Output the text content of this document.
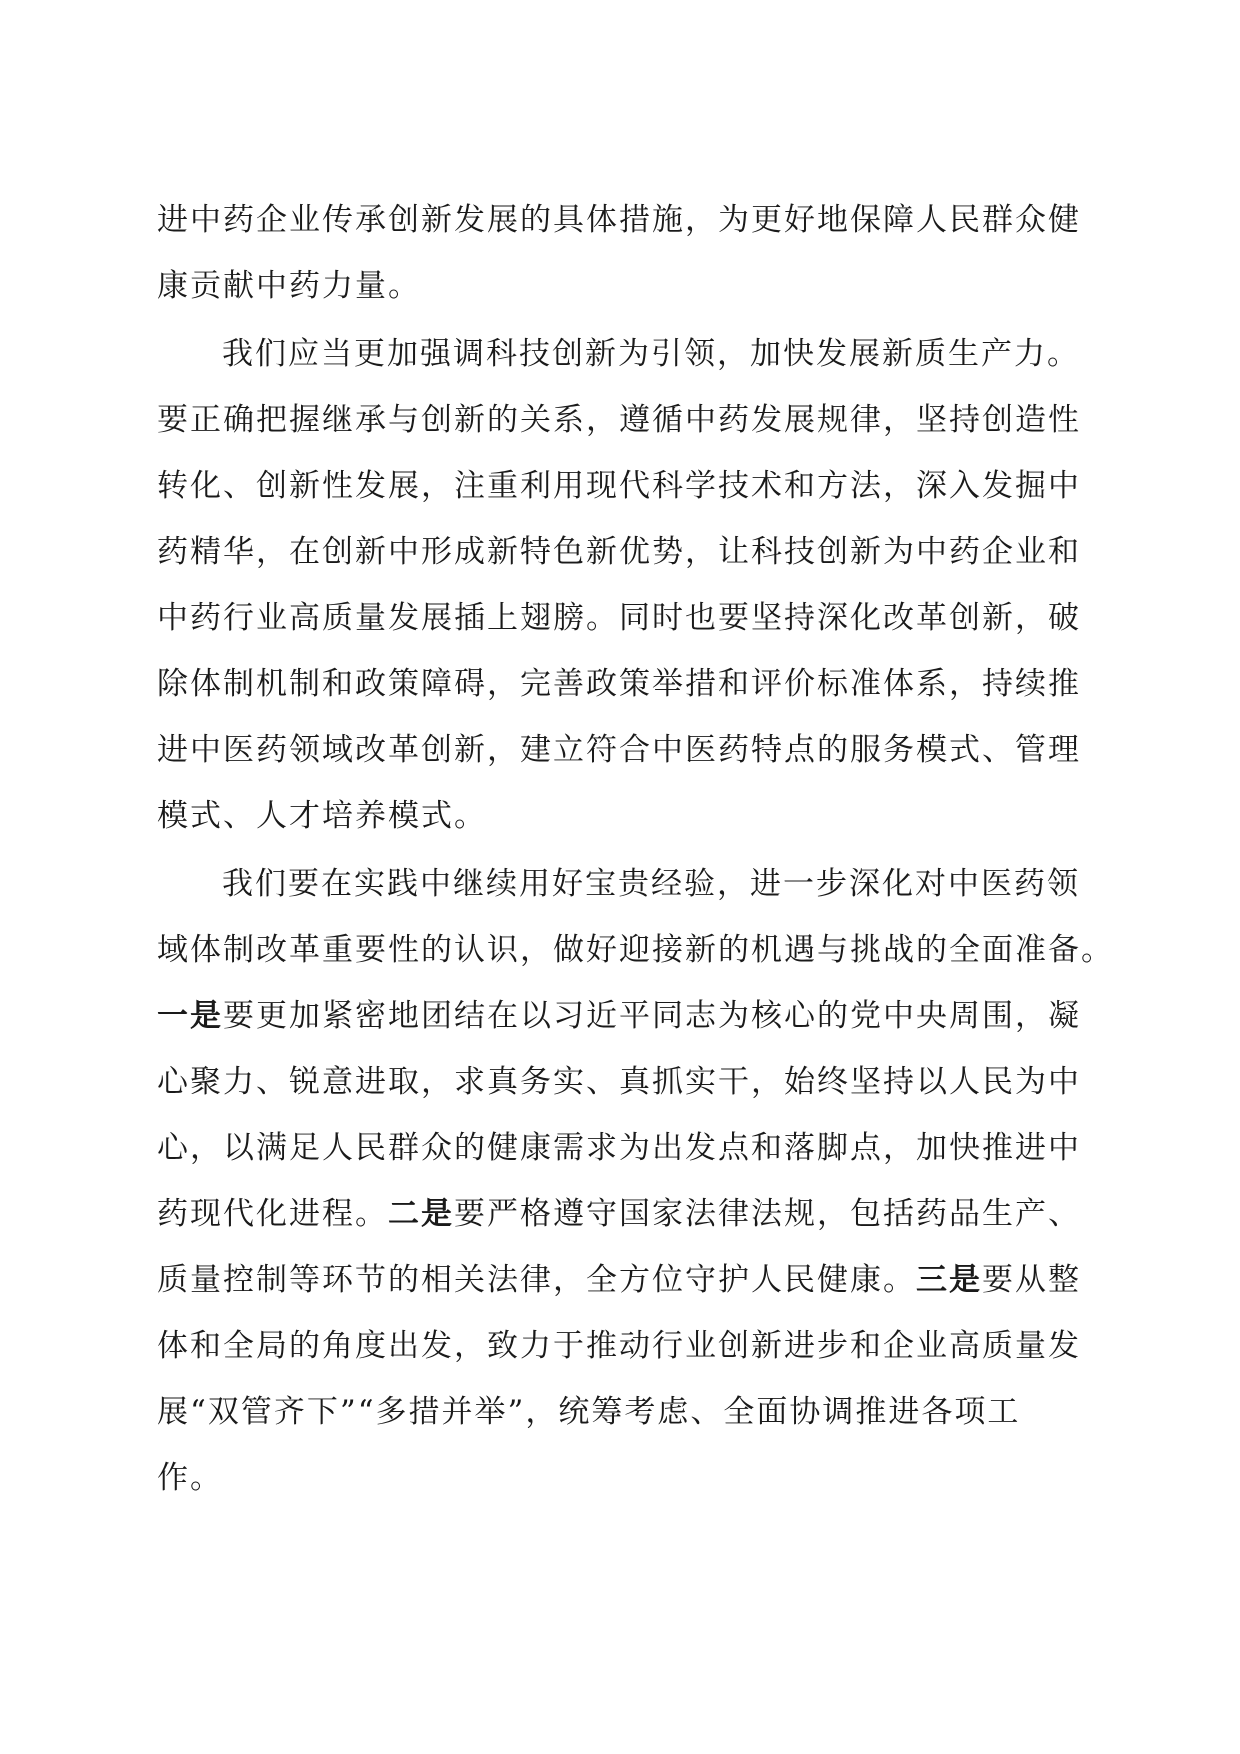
进中药企业传承创新发展的具体措施，为更好地保障人民群众健
康贡献中药力量。
我们应当更加强调科技创新为引领，加快发展新质生产力。
要正确把握继承与创新的关系，遵循中药发展规律，坚持创造性
转化、创新性发展，注重利用现代科学技术和方法，深入发掘中
药精华，在创新中形成新特色新优势，让科技创新为中药企业和
中药行业高质量发展插上翅膀。同时也要坚持深化改革创新，破
除体制机制和政策障碍，完善政策举措和评价标准体系，持续推
进中医药领域改革创新，建立符合中医药特点的服务模式、管理
模式、人才培养模式。
我们要在实践中继续用好宝贵经验，进一步深化对中医药领
域体制改革重要性的认识，做好迎接新的机遇与挑战的全面准备。
一是要更加紧密地团结在以习近平同志为核心的党中央周围，凝
心聚力、锐意进取，求真务实、真抓实干，始终坚持以人民为中
心，以满足人民群众的健康需求为出发点和落脚点，加快推进中
药现代化进程。二是要严格遵守国家法律法规，包括药品生产、
质量控制等环节的相关法律，全方位守护人民健康。三是要从整
体和全局的角度出发，致力于推动行业创新进步和企业高质量发
展“双管齐下”“多措并举”，统筹考虑、全面协调推进各项工
作。
